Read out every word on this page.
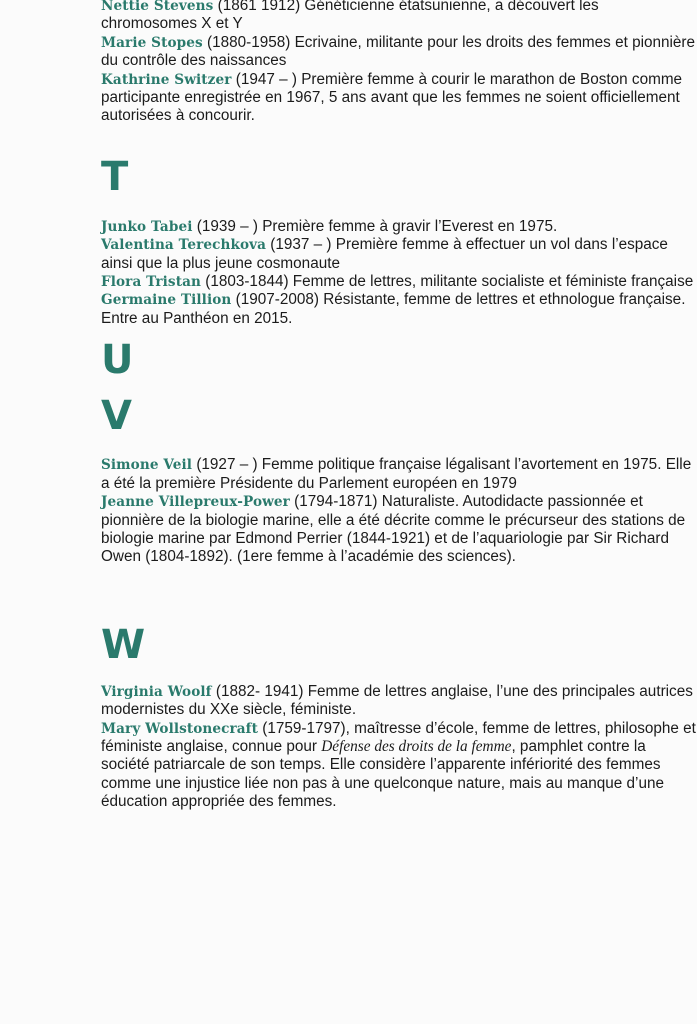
Nettie Stevens (1861 1912) Généticienne étatsunienne, a découvert les chromosomes X et Y

Marie Stopes (1880-1958) Ecrivaine, militante pour les droits des femmes et pionnière du contrôle des naissances

Kathrine Switzer (1947 – ) Première femme à courir le marathon de Boston comme participante enregistrée en 1967, 5 ans avant que les femmes ne soient officiellement autorisées à concourir.

T

Junko Tabei (1939 – ) Première femme à gravir l’Everest en 1975.

Valentina Terechkova (1937 – ) Première femme à effectuer un vol dans l’espace ainsi que la plus jeune cosmonaute

Flora Tristan (1803-1844) Femme de lettres, militante socialiste et féministe française

Germaine Tillion (1907-2008) Résistante, femme de lettres et ethnologue française. Entre au Panthéon en 2015.

U
V

Simone Veil (1927 – ) Femme politique française légalisant l’avortement en 1975. Elle a été la première Présidente du Parlement européen en 1979

Jeanne Villepreux-Power (1794-1871) Naturaliste. Autodidacte passionnée et pionnière de la biologie marine, elle a été décrite comme le précurseur des stations de biologie marine par Edmond Perrier (1844-1921) et de l’aquariologie par Sir Richard Owen (1804-1892). (1ere femme à l’académie des sciences).

W

Virginia Woolf (1882- 1941) Femme de lettres anglaise, l’une des principales autrices modernistes du XXe siècle, féministe.

Mary Wollstonecraft (1759-1797), maîtresse d’école, femme de lettres, philosophe et féministe anglaise, connue pour Défense des droits de la femme, pamphlet contre la société patriarcale de son temps. Elle considère l’apparente infériorité des femmes comme une injustice liée non pas à une quelconque nature, mais au manque d’une éducation appropriée des femmes.
